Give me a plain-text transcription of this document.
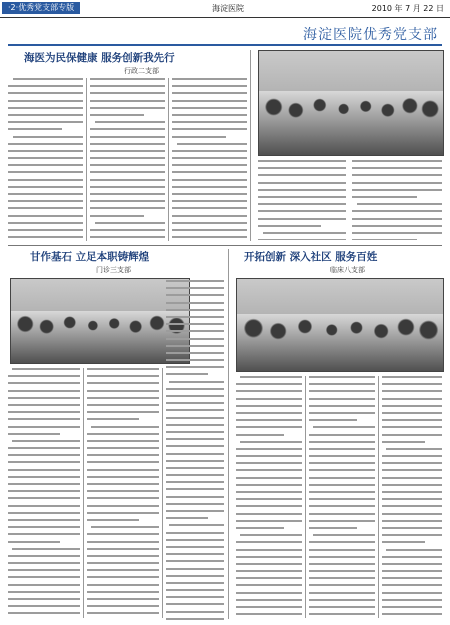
·2·优秀党支部专版	海淀医院	2010 年 7 月 22 日
海淀医院优秀党支部
海医为民保健康 服务创新我先行
行政二支部
甘作基石 立足本职铸辉煌
门诊三支部
开拓创新 深入社区 服务百姓
临床八支部
